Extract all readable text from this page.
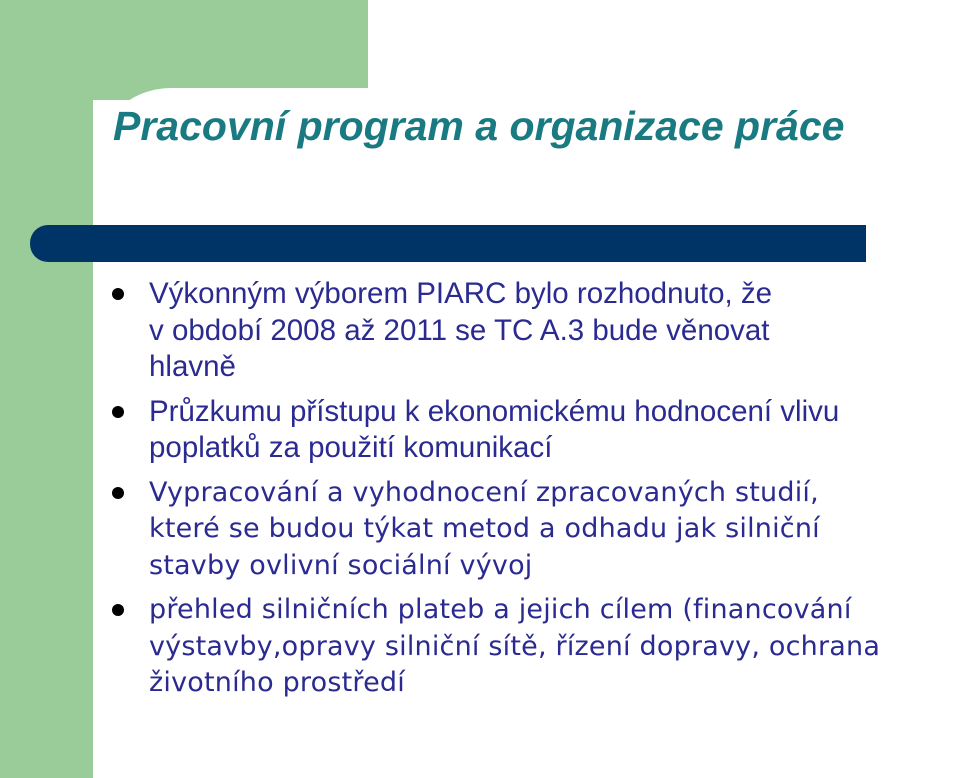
Pracovní program a organizace práce
Výkonným výborem PIARC bylo rozhodnuto, že
v období 2008 až 2011 se TC A.3 bude věnovat
hlavně
Průzkumu přístupu k ekonomickému hodnocení vlivu
poplatků za použití komunikací
Vypracování a vyhodnocení zpracovaných studií,
které se budou týkat metod a odhadu jak silniční
stavby ovlivní sociální vývoj
přehled silničních plateb a jejich cílem (financování
výstavby,opravy silniční sítě, řízení dopravy, ochrana
životního prostředí
